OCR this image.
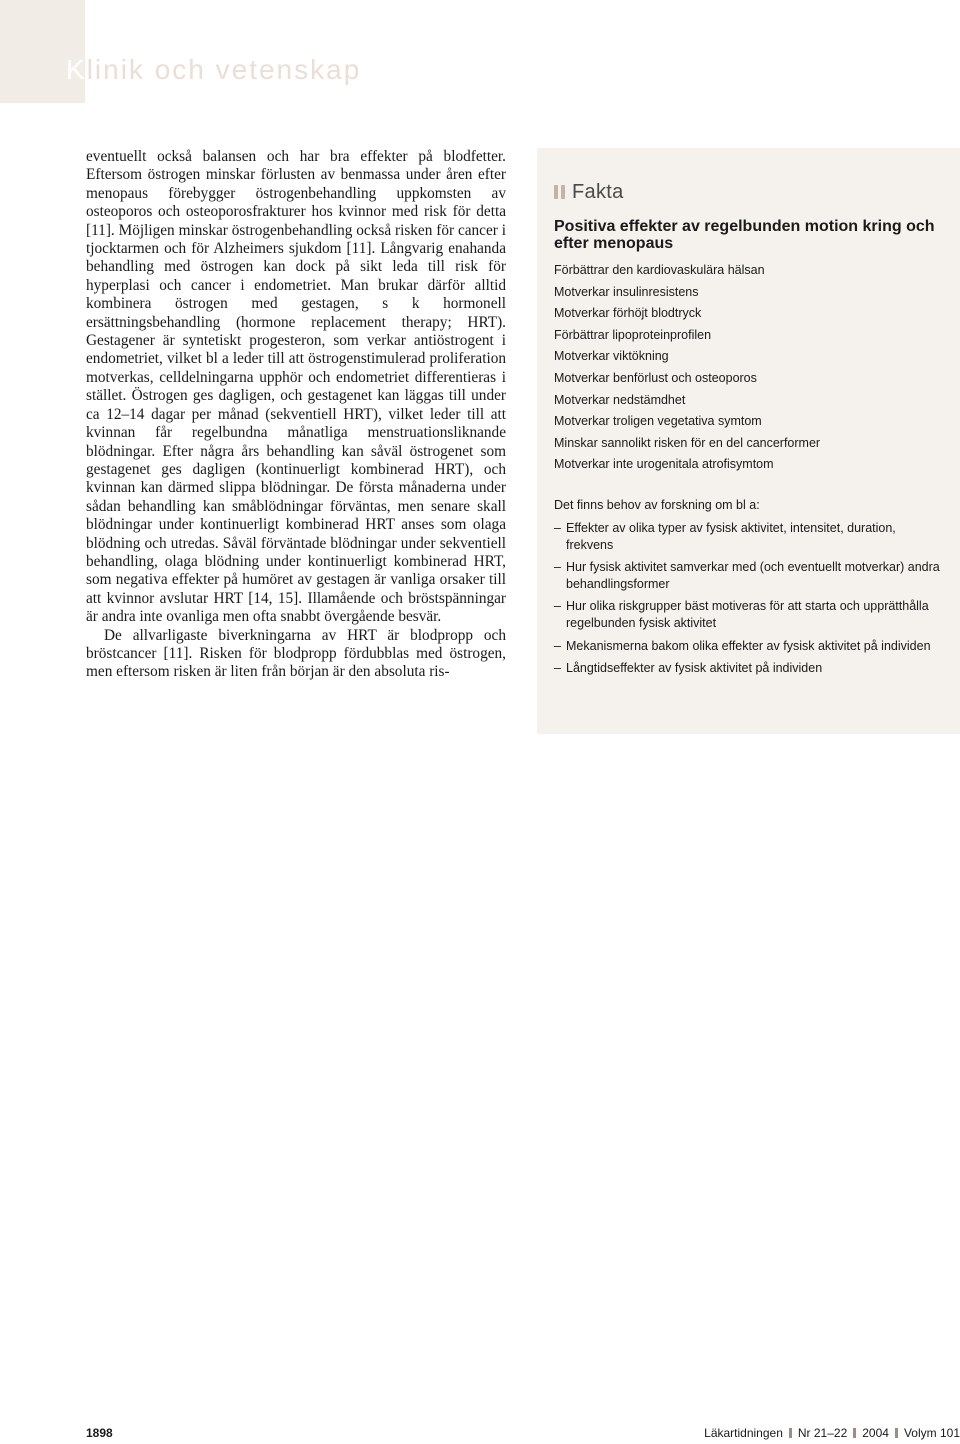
Klinik och vetenskap

eventuellt också balansen och har bra effekter på blodfetter. Eftersom östrogen minskar förlusten av benmassa under åren efter menopaus förebygger östrogenbehandling uppkomsten av osteoporos och osteoporosfrakturer hos kvinnor med risk för detta [11]. Möjligen minskar östrogenbehandling också risken för cancer i tjocktarmen och för Alzheimers sjukdom [11]. Långvarig enahanda behandling med östrogen kan dock på sikt leda till risk för hyperplasi och cancer i endometriet. Man brukar därför alltid kombinera östrogen med gestagen, s k hormonell ersättningsbehandling (hormone replacement therapy; HRT). Gestagener är syntetiskt progesteron, som verkar antiöstrogent i endometriet, vilket bl a leder till att östrogenstimulerad proliferation motverkas, celldelningarna upphör och endometriet differentieras i stället. Östrogen ges dagligen, och gestagenet kan läggas till under ca 12–14 dagar per månad (sekventiell HRT), vilket leder till att kvinnan får regelbundna månatliga menstruationsliknande blödningar. Efter några års behandling kan såväl östrogenet som gestagenet ges dagligen (kontinuerligt kombinerad HRT), och kvinnan kan därmed slippa blödningar. De första månaderna under sådan behandling kan småblödningar förväntas, men senare skall blödningar under kontinuerligt kombinerad HRT anses som olaga blödning och utredas. Såväl förväntade blödningar under sekventiell behandling, olaga blödning under kontinuerligt kombinerad HRT, som negativa effekter på humöret av gestagen är vanliga orsaker till att kvinnor avslutar HRT [14, 15]. Illamående och bröstspänningar är andra inte ovanliga men ofta snabbt övergående besvär.

De allvarligaste biverkningarna av HRT är blodpropp och bröstcancer [11]. Risken för blodpropp fördubblas med östrogen, men eftersom risken är liten från början är den absoluta ris-

Fakta
Positiva effekter av regelbunden motion kring och efter menopaus
Förbättrar den kardiovaskulära hälsan
Motverkar insulinresistens
Motverkar förhöjt blodtryck
Förbättrar lipoproteinprofilen
Motverkar viktökning
Motverkar benförlust och osteoporos
Motverkar nedstämdhet
Motverkar troligen vegetativa symtom
Minskar sannolikt risken för en del cancerformer
Motverkar inte urogenitala atrofisymtom
Det finns behov av forskning om bl a:
– Effekter av olika typer av fysisk aktivitet, intensitet, duration, frekvens
– Hur fysisk aktivitet samverkar med (och eventuellt motverkar) andra behandlingsformer
– Hur olika riskgrupper bäst motiveras för att starta och upprätthålla regelbunden fysisk aktivitet
– Mekanismerna bakom olika effekter av fysisk aktivitet på individen
– Långtidseffekter av fysisk aktivitet på individen
1898	Läkartidningen Nr 21–22 2004 Volym 101
